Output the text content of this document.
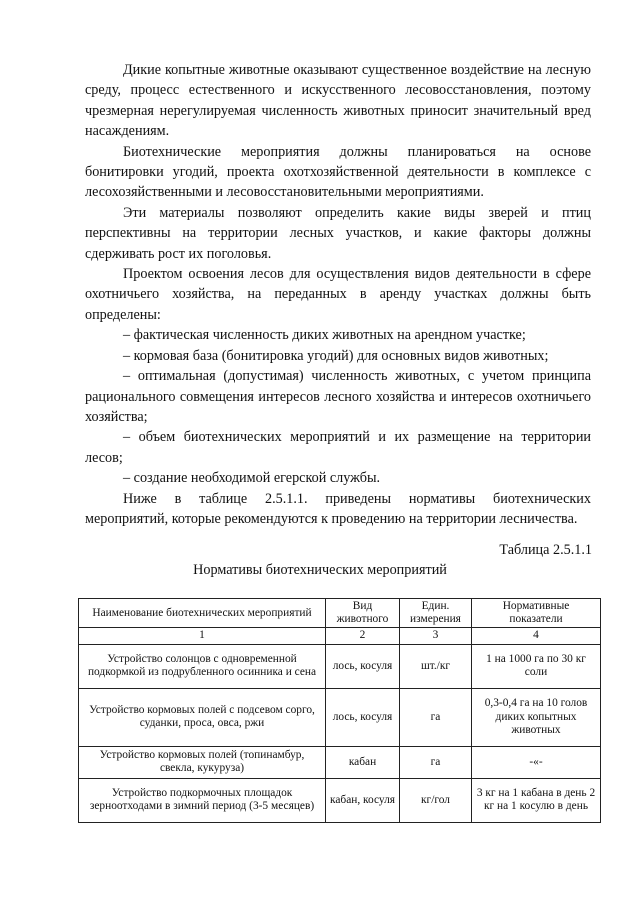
Дикие копытные животные оказывают существенное воздействие на лесную среду, процесс естественного и искусственного лесовосстановления, поэтому чрезмерная нерегулируемая численность животных приносит значительный вред насаждениям.

Биотехнические мероприятия должны планироваться на основе бонитировки угодий, проекта охотхозяйственной деятельности в комплексе с лесохозяйственными и лесовосстановительными мероприятиями.

Эти материалы позволяют определить какие виды зверей и птиц перспективны на территории лесных участков, и какие факторы должны сдерживать рост их поголовья.

Проектом освоения лесов для осуществления видов деятельности в сфере охотничьего хозяйства, на переданных в аренду участках должны быть определены:

– фактическая численность диких животных на арендном участке;

– кормовая база (бонитировка угодий) для основных видов животных;

– оптимальная (допустимая) численность животных, с учетом принципа рационального совмещения интересов лесного хозяйства и интересов охотничьего хозяйства;

– объем биотехнических мероприятий и их размещение на территории лесов;

– создание необходимой егерской службы.

Ниже в таблице 2.5.1.1. приведены нормативы биотехнических мероприятий, которые рекомендуются к проведению на территории лесничества.

Таблица 2.5.1.1
Нормативы биотехнических мероприятий
Наименование биотехнических мероприятий	Вид животного	Един. измерения	Нормативные показатели
1	2	3	4
Устройство солонцов с одновременной подкормкой из подрубленного осинника и сена	лось, косуля	шт./кг	1 на 1000 га по 30 кг соли
Устройство кормовых полей с подсевом сорго, суданки, проса, овса, ржи	лось, косуля	га	0,3-0,4 га на 10 голов диких копытных животных
Устройство кормовых полей (топинамбур, свекла, кукуруза)	кабан	га	-«-
Устройство подкормочных площадок зерноотходами в зимний период (3-5 месяцев)	кабан, косуля	кг/гол	3 кг на 1 кабана в день 2 кг на 1 косулю в день
